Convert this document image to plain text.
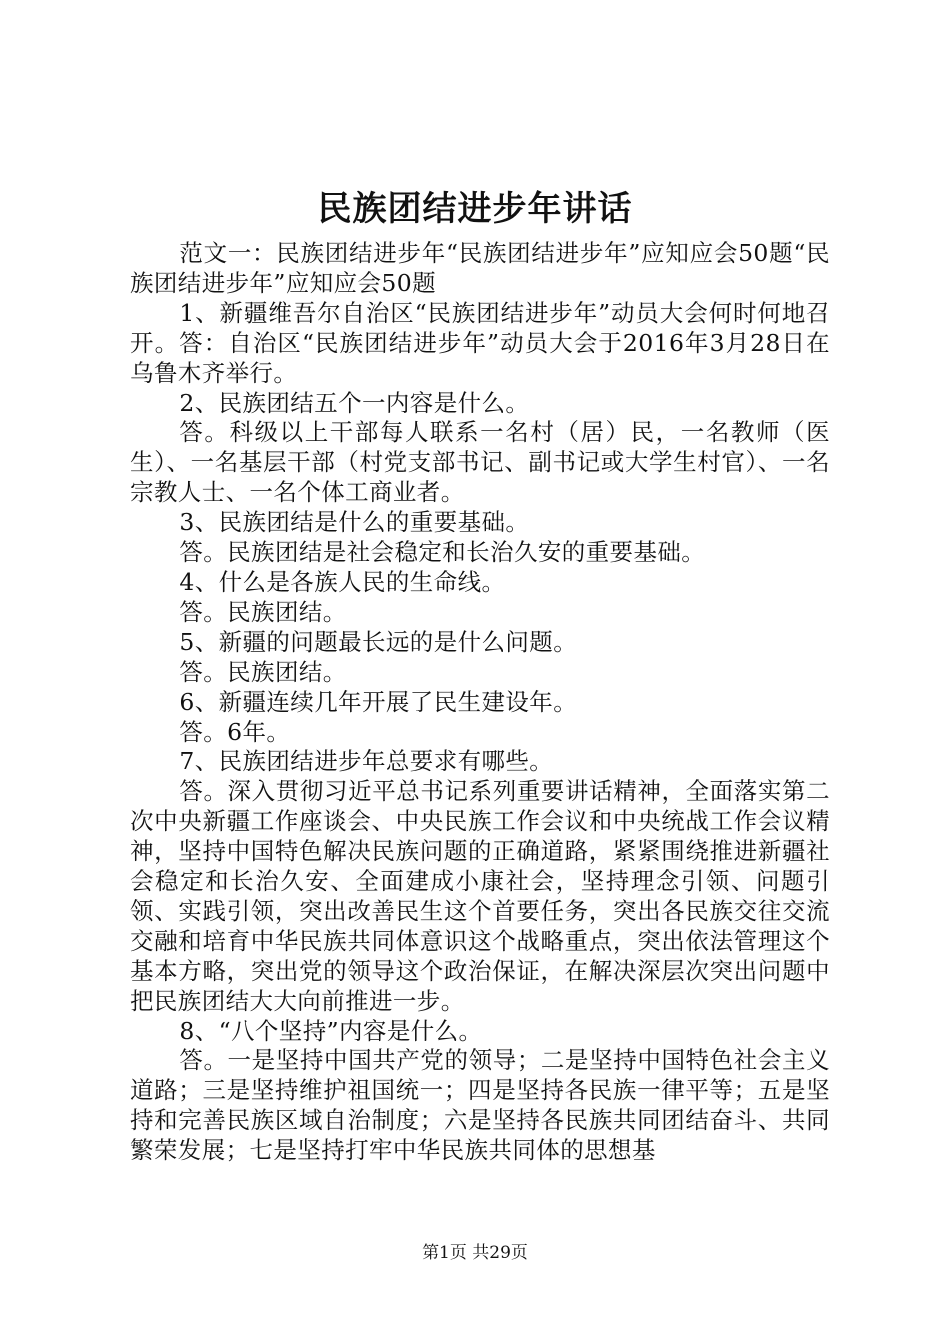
民族团结进步年讲话

范文一：民族团结进步年“民族团结进步年”应知应会50题“民族团结进步年”应知应会50题

1、新疆维吾尔自治区“民族团结进步年”动员大会何时何地召开。答：自治区“民族团结进步年”动员大会于2016年3月28日在乌鲁木齐举行。

2、民族团结五个一内容是什么。

答。科级以上干部每人联系一名村（居）民，一名教师（医生）、一名基层干部（村党支部书记、副书记或大学生村官）、一名宗教人士、一名个体工商业者。

3、民族团结是什么的重要基础。

答。民族团结是社会稳定和长治久安的重要基础。

4、什么是各族人民的生命线。

答。民族团结。

5、新疆的问题最长远的是什么问题。

答。民族团结。

6、新疆连续几年开展了民生建设年。

答。6年。

7、民族团结进步年总要求有哪些。

答。深入贯彻习近平总书记系列重要讲话精神，全面落实第二次中央新疆工作座谈会、中央民族工作会议和中央统战工作会议精神，坚持中国特色解决民族问题的正确道路，紧紧围绕推进新疆社会稳定和长治久安、全面建成小康社会，坚持理念引领、问题引领、实践引领，突出改善民生这个首要任务，突出各民族交往交流交融和培育中华民族共同体意识这个战略重点，突出依法管理这个基本方略，突出党的领导这个政治保证，在解决深层次突出问题中把民族团结大大向前推进一步。

8、“八个坚持”内容是什么。

答。一是坚持中国共产党的领导；二是坚持中国特色社会主义道路；三是坚持维护祖国统一；四是坚持各民族一律平等；五是坚持和完善民族区域自治制度；六是坚持各民族共同团结奋斗、共同繁荣发展；七是坚持打牢中华民族共同体的思想基

第1页 共29页
